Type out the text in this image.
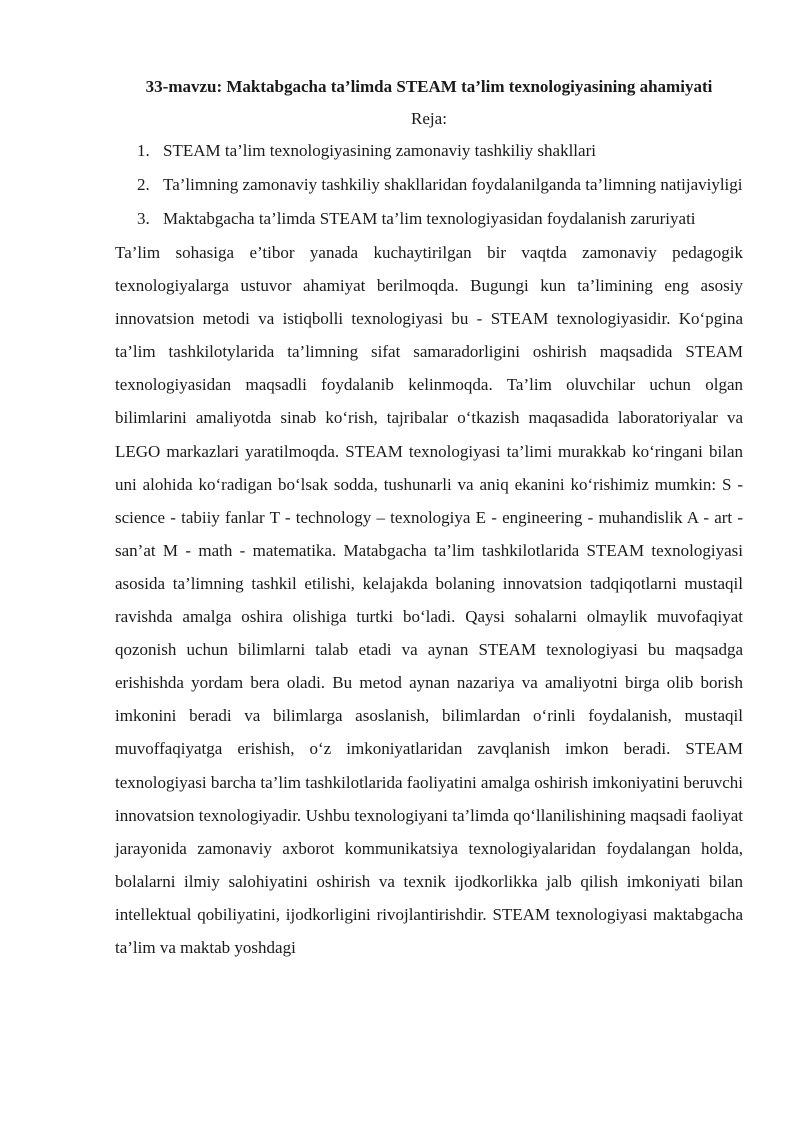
33-mavzu: Maktabgacha ta’limda STEAM ta’lim texnologiyasining ahamiyati
Reja:
1. STEAM ta’lim texnologiyasining zamonaviy tashkiliy shakllari
2. Ta’limning zamonaviy tashkiliy shakllaridan foydalanilganda ta’limning natijaviyligi
3. Maktabgacha ta’limda STEAM ta’lim texnologiyasidan foydalanish zaruriyati

Ta’lim sohasiga e’tibor yanada kuchaytirilgan bir vaqtda zamonaviy pedagogik texnologiyalarga ustuvor ahamiyat berilmoqda. Bugungi kun ta’limining eng asosiy innovatsion metodi va istiqbolli texnologiyasi bu - STEAM texnologiyasidir. Ko‘pgina ta’lim tashkilotylarida ta’limning sifat samaradorligini oshirish maqsadida STEAM texnologiyasidan maqsadli foydalanib kelinmoqda. Ta’lim oluvchilar uchun olgan bilimlarini amaliyotda sinab ko‘rish, tajribalar o‘tkazish maqasadida laboratoriyalar va LEGO markazlari yaratilmoqda. STEAM texnologiyasi ta’limi murakkab ko‘ringani bilan uni alohida ko‘radigan bo‘lsak sodda, tushunarli va aniq ekanini ko‘rishimiz mumkin: S - science - tabiiy fanlar T - technology – texnologiya E - engineering - muhandislik A - art - san’at M - math - matematika. Matabgacha ta’lim tashkilotlarida STEAM texnologiyasi asosida ta’limning tashkil etilishi, kelajakda bolaning innovatsion tadqiqotlarni mustaqil ravishda amalga oshira olishiga turtki bo‘ladi. Qaysi sohalarni olmaylik muvofaqiyat qozonish uchun bilimlarni talab etadi va aynan STEAM texnologiyasi bu maqsadga erishishda yordam bera oladi. Bu metod aynan nazariya va amaliyotni birga olib borish imkonini beradi va bilimlarga asoslanish, bilimlardan o‘rinli foydalanish, mustaqil muvoffaqiyatga erishish, o‘z imkoniyatlaridan zavqlanish imkon beradi. STEAM texnologiyasi barcha ta’lim tashkilotlarida faoliyatini amalga oshirish imkoniyatini beruvchi innovatsion texnologiyadir. Ushbu texnologiyani ta’limda qo‘llanilishining maqsadi faoliyat jarayonida zamonaviy axborot kommunikatsiya texnologiyalaridan foydalangan holda, bolalarni ilmiy salohiyatini oshirish va texnik ijodkorlikka jalb qilish imkoniyati bilan intellektual qobiliyatini, ijodkorligini rivojlantirishdir. STEAM texnologiyasi maktabgacha ta’lim va maktab yoshdagi
